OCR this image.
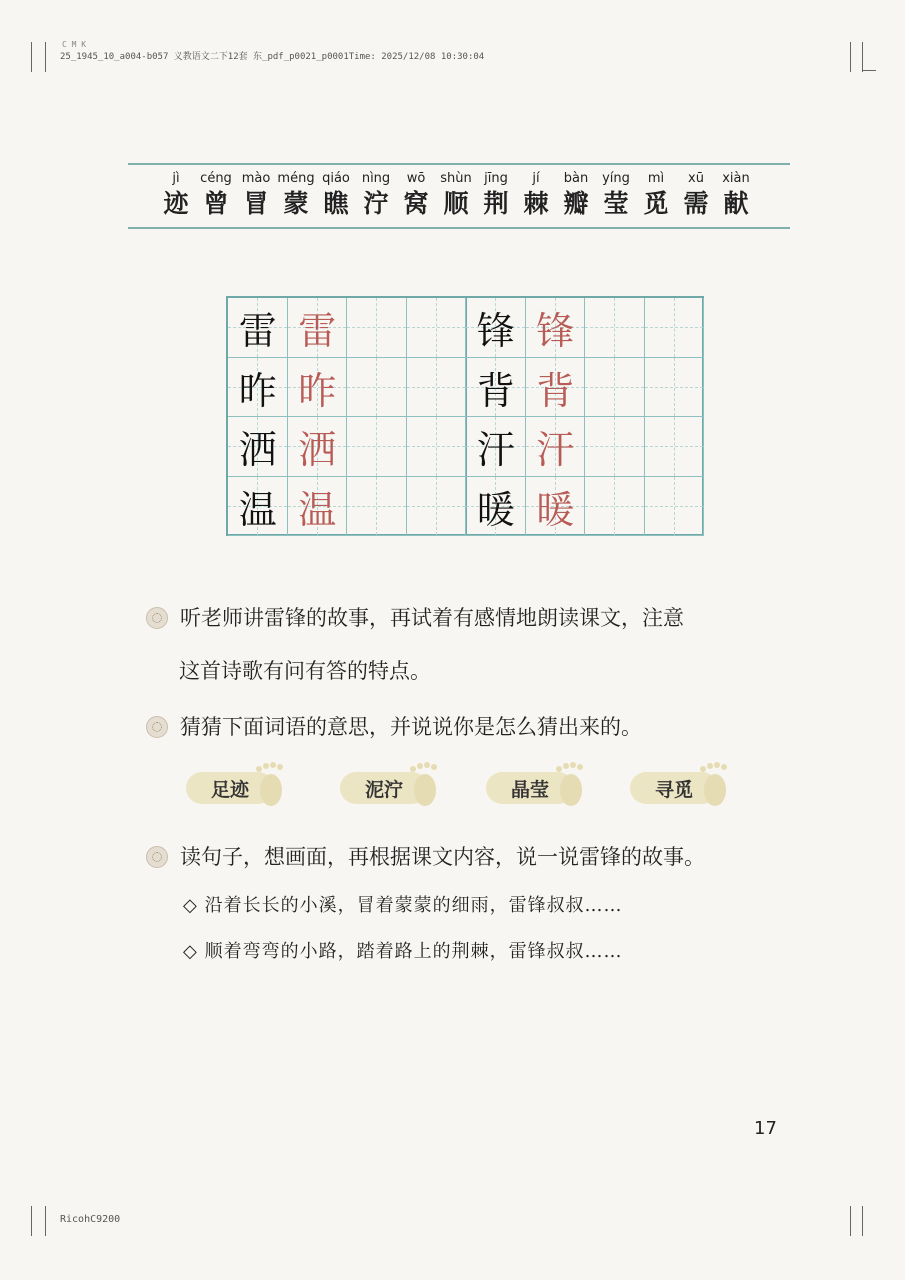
C M K
25_1945_10_a004-b057 义教语文二下12套 东_pdf_p0021_p0001Time: 2025/12/08 10:30:04
jì
迹
céng
曾
mào
冒
méng
蒙
qiáo
瞧
nìng
泞
wō
窝
shùn
顺
jīng
荆
jí
棘
bàn
瓣
yíng
莹
mì
觅
xū
需
xiàn
献
雷 雷	锋 锋
昨 昨	背 背
洒 洒	汗 汗
温 温	暖 暖
听老师讲雷锋的故事，再试着有感情地朗读课文，注意
这首诗歌有问有答的特点。
猜猜下面词语的意思，并说说你是怎么猜出来的。
足迹	泥泞	晶莹	寻觅
读句子，想画面，再根据课文内容，说一说雷锋的故事。
◇ 沿着长长的小溪，冒着蒙蒙的细雨，雷锋叔叔……
◇ 顺着弯弯的小路，踏着路上的荆棘，雷锋叔叔……
17
RicohC9200
